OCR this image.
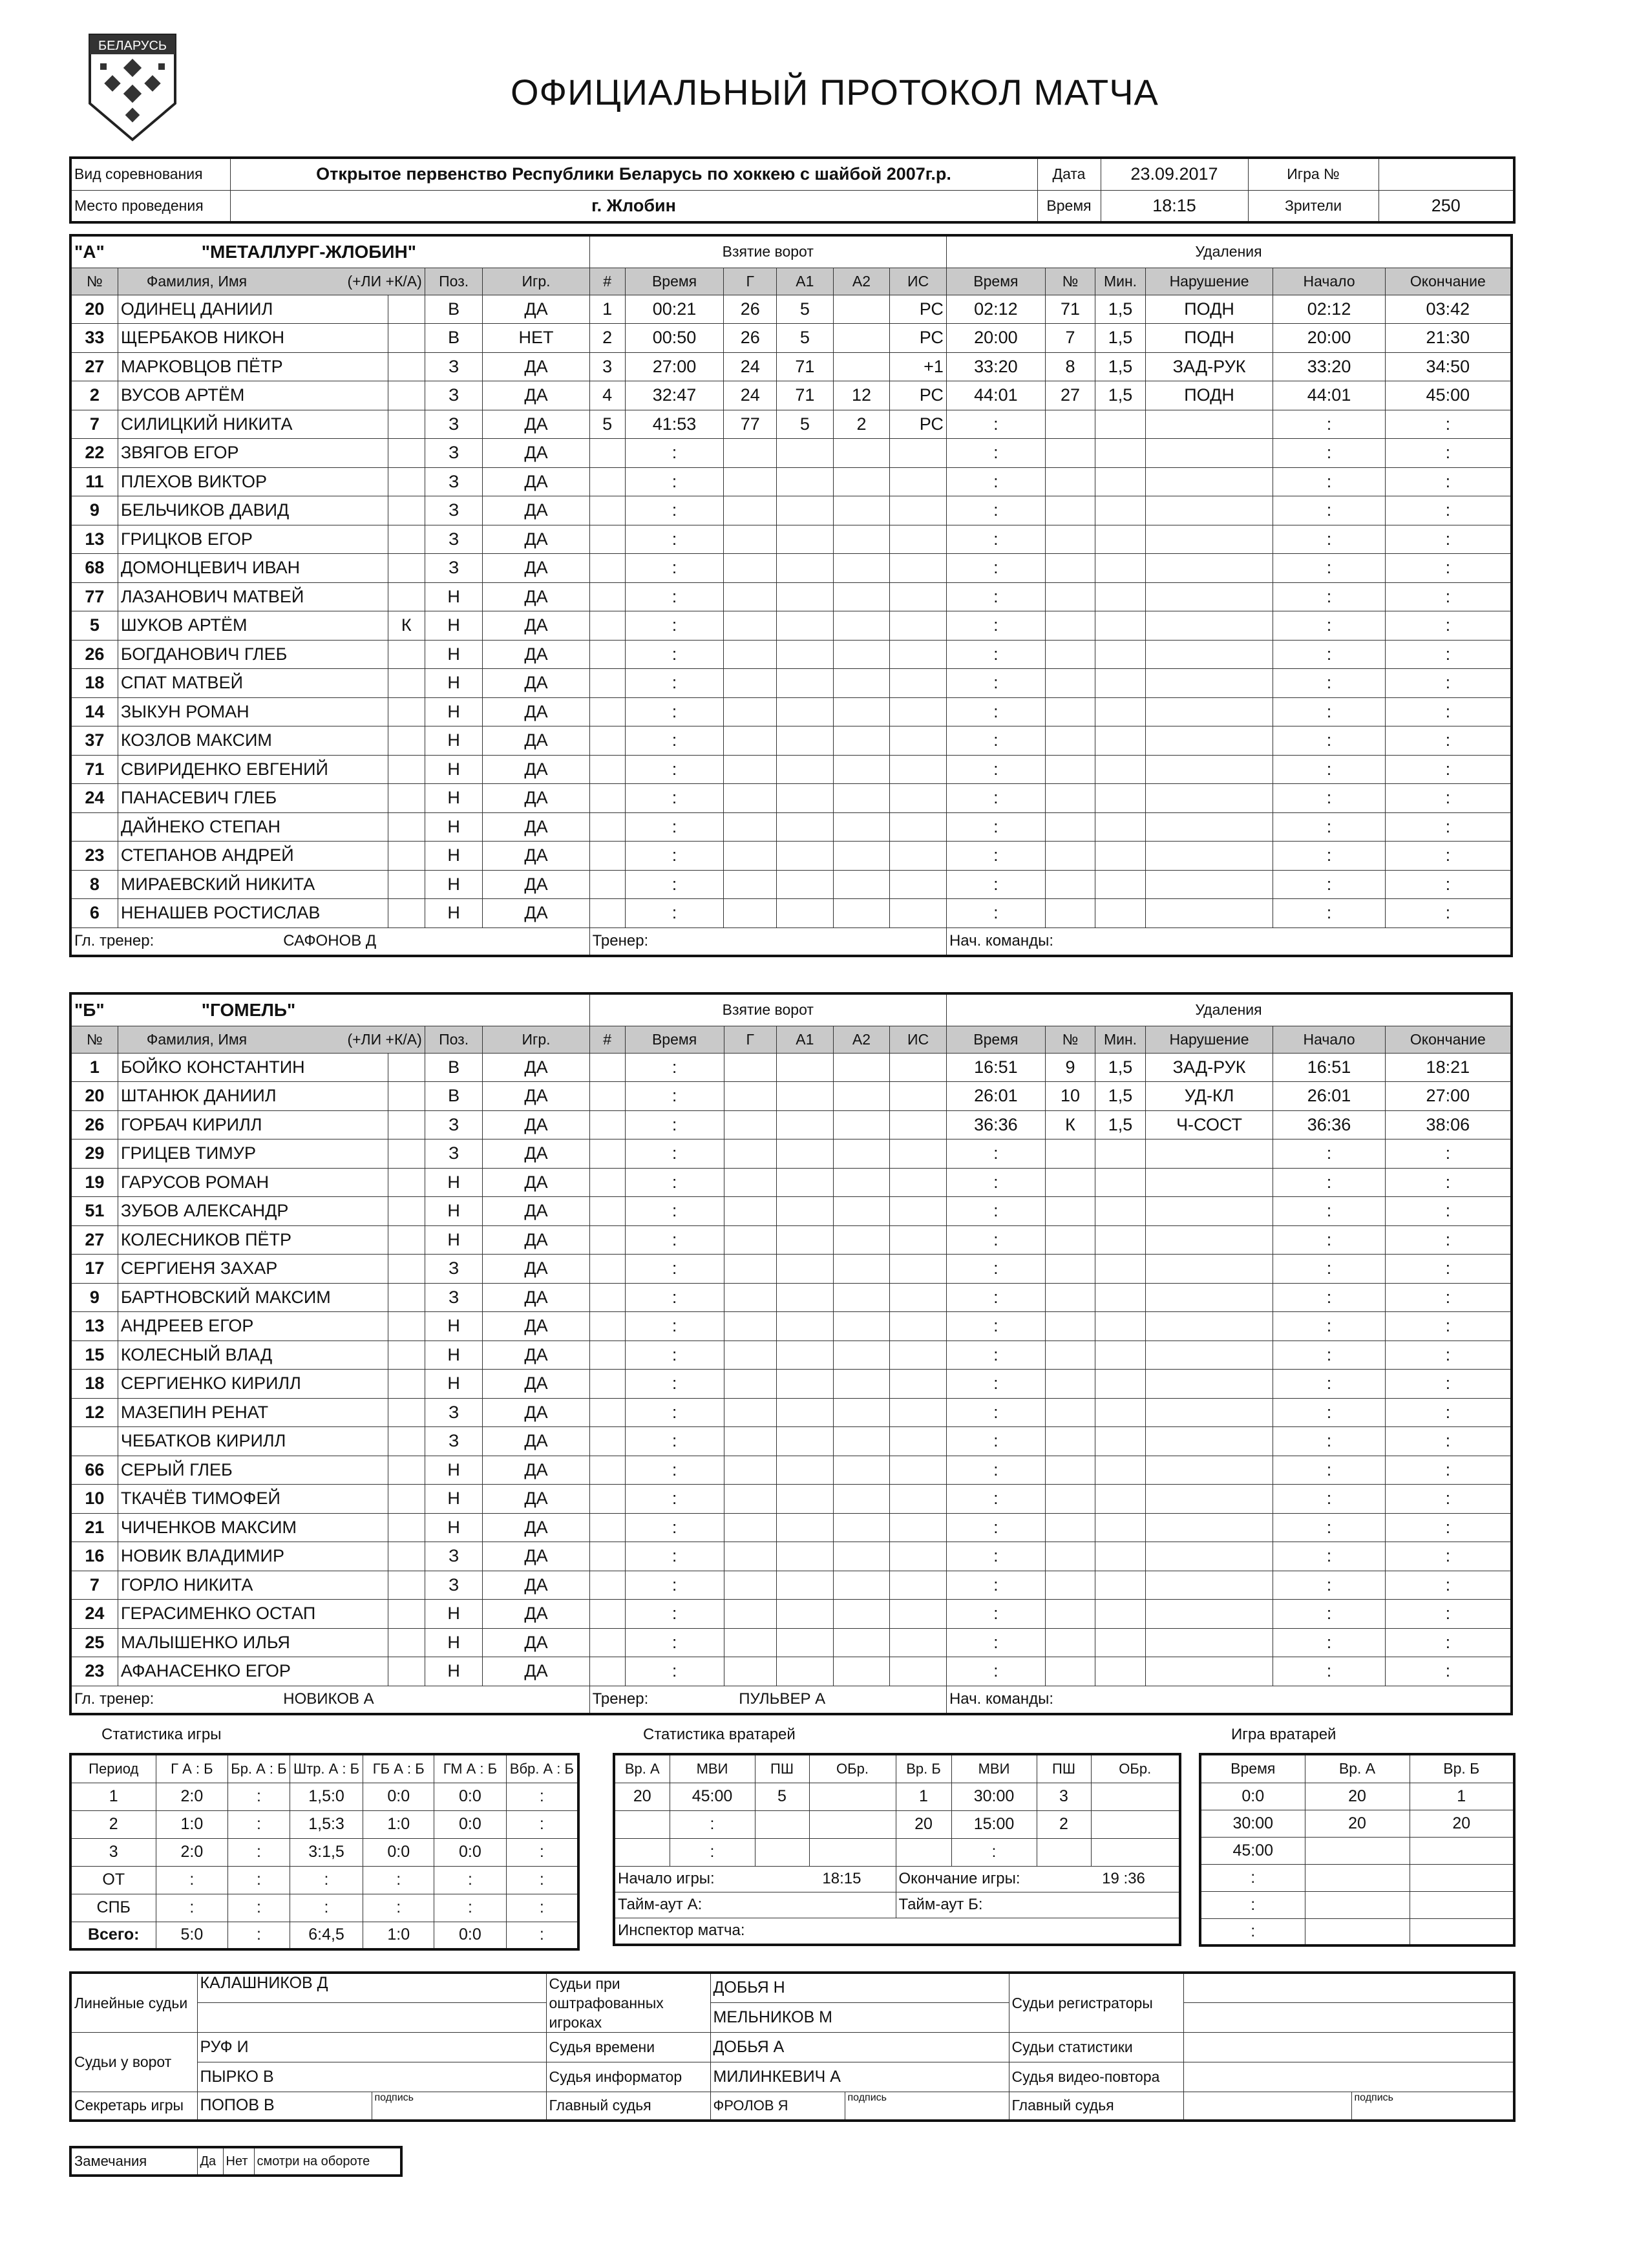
БЕЛАРУСЬ
ОФИЦИАЛЬНЫЙ ПРОТОКОЛ МАТЧА
Вид соревнования	Открытое первенство Республики Беларусь по хоккею с шайбой 2007г.р.	Дата	23.09.2017	Игра №	
Место проведения	г. Жлобин	Время	18:15	Зрители	250
"А" "МЕТАЛЛУРГ-ЖЛОБИН"					Взятие ворот						Удаления					
№	Фамилия, Имя (+ЛИ +К/А)		Поз.	Игр.	#	Время	Г	А1	А2	ИС	Время	№	Мин.	Нарушение	Начало	Окончание
20	ОДИНЕЦ ДАНИИЛ		В	ДА	1	00:21	26	5		РС	02:12	71	1,5	ПОДН	02:12	03:42
33	ЩЕРБАКОВ НИКОН		В	НЕТ	2	00:50	26	5		РС	20:00	7	1,5	ПОДН	20:00	21:30
27	МАРКОВЦОВ ПЁТР		З	ДА	3	27:00	24	71		+1	33:20	8	1,5	ЗАД-РУК	33:20	34:50
2	ВУСОВ АРТЁМ		З	ДА	4	32:47	24	71	12	РС	44:01	27	1,5	ПОДН	44:01	45:00
7	СИЛИЦКИЙ НИКИТА		З	ДА	5	41:53	77	5	2	РС	:				:	:
22	ЗВЯГОВ ЕГОР		З	ДА		:					:				:	:
11	ПЛЕХОВ ВИКТОР		З	ДА		:					:				:	:
9	БЕЛЬЧИКОВ ДАВИД		З	ДА		:					:				:	:
13	ГРИЦКОВ ЕГОР		З	ДА		:					:				:	:
68	ДОМОНЦЕВИЧ ИВАН		З	ДА		:					:				:	:
77	ЛАЗАНОВИЧ МАТВЕЙ		Н	ДА		:					:				:	:
5	ШУКОВ АРТЁМ	К	Н	ДА		:					:				:	:
26	БОГДАНОВИЧ ГЛЕБ		Н	ДА		:					:				:	:
18	СПАТ МАТВЕЙ		Н	ДА		:					:				:	:
14	ЗЫКУН РОМАН		Н	ДА		:					:				:	:
37	КОЗЛОВ МАКСИМ		Н	ДА		:					:				:	:
71	СВИРИДЕНКО ЕВГЕНИЙ		Н	ДА		:					:				:	:
24	ПАНАСЕВИЧ ГЛЕБ		Н	ДА		:					:				:	:
	ДАЙНЕКО СТЕПАН		Н	ДА		:					:				:	:
23	СТЕПАНОВ АНДРЕЙ		Н	ДА		:					:				:	:
8	МИРАЕВСКИЙ НИКИТА		Н	ДА		:					:				:	:
6	НЕНАШЕВ РОСТИСЛАВ		Н	ДА		:					:				:	:
Гл. тренер: САФОНОВ Д					Тренер:						Нач. команды:					
"Б" "ГОМЕЛЬ"					Взятие ворот						Удаления					
№	Фамилия, Имя (+ЛИ +К/А)		Поз.	Игр.	#	Время	Г	А1	А2	ИС	Время	№	Мин.	Нарушение	Начало	Окончание
1	БОЙКО КОНСТАНТИН		В	ДА		:					16:51	9	1,5	ЗАД-РУК	16:51	18:21
20	ШТАНЮК ДАНИИЛ		В	ДА		:					26:01	10	1,5	УД-КЛ	26:01	27:00
26	ГОРБАЧ КИРИЛЛ		З	ДА		:					36:36	К	1,5	Ч-СОСТ	36:36	38:06
29	ГРИЦЕВ ТИМУР		З	ДА		:					:				:	:
19	ГАРУСОВ РОМАН		Н	ДА		:					:				:	:
51	ЗУБОВ АЛЕКСАНДР		Н	ДА		:					:				:	:
27	КОЛЕСНИКОВ ПЁТР		Н	ДА		:					:				:	:
17	СЕРГИЕНЯ ЗАХАР		З	ДА		:					:				:	:
9	БАРТНОВСКИЙ МАКСИМ		З	ДА		:					:				:	:
13	АНДРЕЕВ ЕГОР		Н	ДА		:					:				:	:
15	КОЛЕСНЫЙ ВЛАД		Н	ДА		:					:				:	:
18	СЕРГИЕНКО КИРИЛЛ		Н	ДА		:					:				:	:
12	МАЗЕПИН РЕНАТ		З	ДА		:					:				:	:
	ЧЕБАТКОВ КИРИЛЛ		З	ДА		:					:				:	:
66	СЕРЫЙ ГЛЕБ		Н	ДА		:					:				:	:
10	ТКАЧЁВ ТИМОФЕЙ		Н	ДА		:					:				:	:
21	ЧИЧЕНКОВ МАКСИМ		Н	ДА		:					:				:	:
16	НОВИК ВЛАДИМИР		З	ДА		:					:				:	:
7	ГОРЛО НИКИТА		З	ДА		:					:				:	:
24	ГЕРАСИМЕНКО ОСТАП		Н	ДА		:					:				:	:
25	МАЛЫШЕНКО ИЛЬЯ		Н	ДА		:					:				:	:
23	АФАНАСЕНКО ЕГОР		Н	ДА		:					:				:	:
Гл. тренер: НОВИКОВ А					Тренер: ПУЛЬВЕР А						Нач. команды:					
Статистика игры	Статистика вратарей	Игра вратарей
Период	Г А : Б	Бр. А : Б	Штр. А : Б	ГБ А : Б	ГМ А : Б	Вбр. А : Б
1	2:0	:	1,5:0	0:0	0:0	:
2	1:0	:	1,5:3	1:0	0:0	:
3	2:0	:	3:1,5	0:0	0:0	:
ОТ	:	:	:	:	:	:
СПБ	:	:	:	:	:	:
Всего:	5:0	:	6:4,5	1:0	0:0	:
Вр. А	МВИ	ПШ	ОБр.	Вр. Б	МВИ	ПШ	ОБр.
20	45:00	5		1	30:00	3	
	:			20	15:00	2	
	:				:		
Начало игры: 18:15				Окончание игры: 19 :36			
Тайм-аут А:				Тайм-аут Б:			
Инспектор матча:							
Время	Вр. А	Вр. Б
0:0	20	1
30:00	20	20
45:00		
:		
:		
:		
Линейные судьи	КАЛАШНИКОВ Д		Судьи при оштрафованных игроках	ДОБЬЯ Н		Судьи регистраторы		
				МЕЛЬНИКОВ М				
Судьи у ворот	РУФ И		Судья времени	ДОБЬЯ А		Судьи статистики		
	ПЫРКО В		Судья информатор	МИЛИНКЕВИЧ А		Судья видео-повтора		
Секретарь игры	ПОПОВ В	подпись	Главный судья	ФРОЛОВ Я	подпись	Главный судья		подпись
Замечания	Да	Нет	смотри на обороте
